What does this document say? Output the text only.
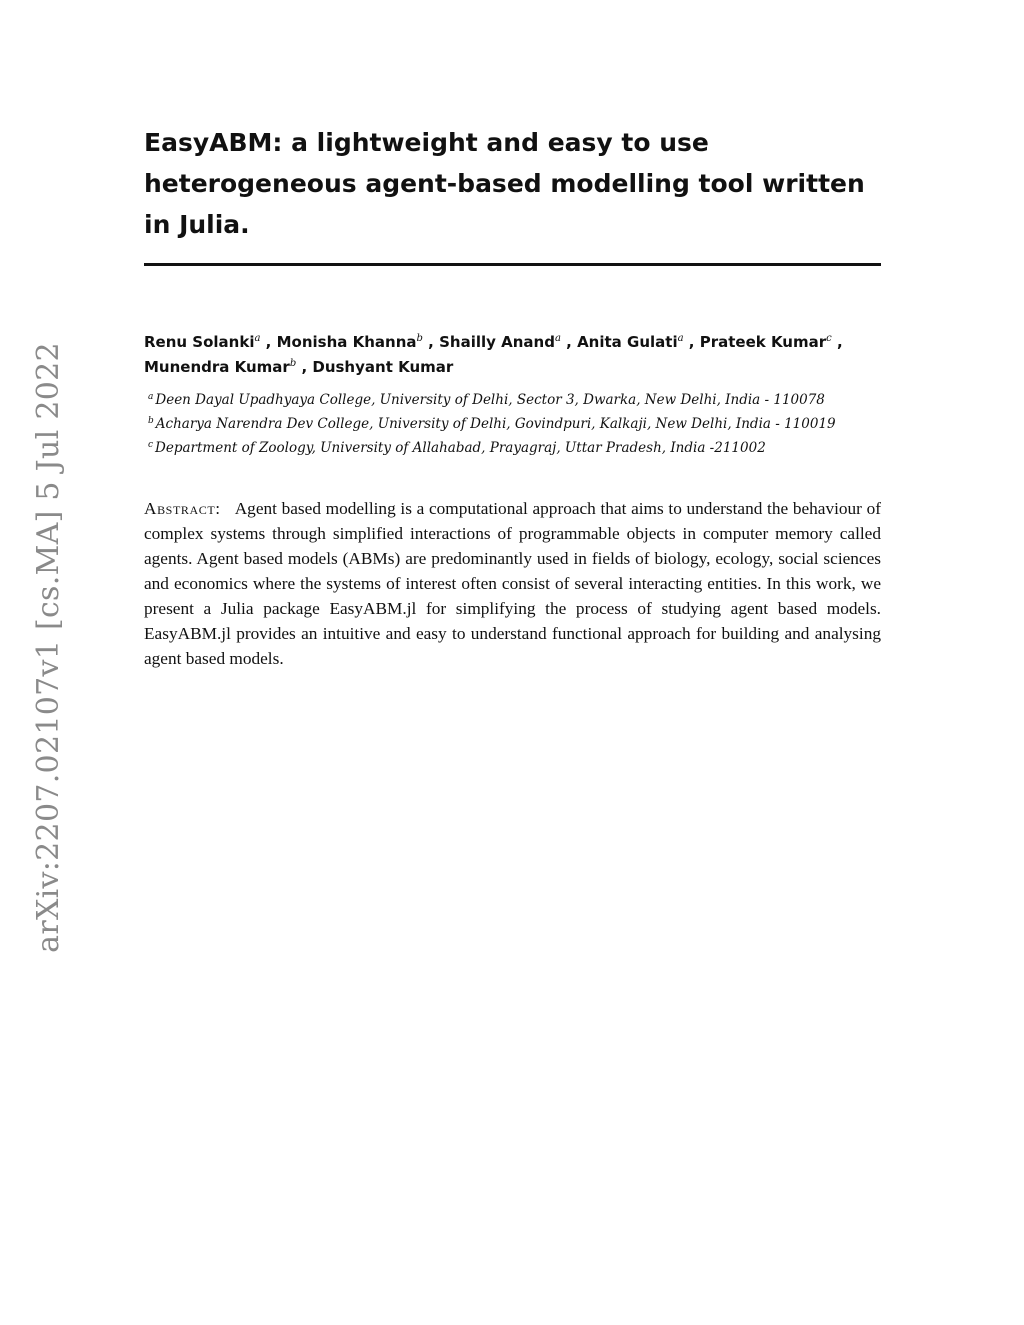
arXiv:2207.02107v1 [cs.MA] 5 Jul 2022
EasyABM: a lightweight and easy to use heterogeneous agent-based modelling tool written in Julia.
Renu Solanki$^a$ , Monisha Khanna$^b$ , Shailly Anand$^a$ , Anita Gulati$^a$ , Prateek Kumar$^c$ ,
Munendra Kumar$^b$ , Dushyant Kumar
$^a$ Deen Dayal Upadhyaya College, University of Delhi, Sector 3, Dwarka, New Delhi, India - 110078
$^b$ Acharya Narendra Dev College, University of Delhi, Govindpuri, Kalkaji, New Delhi, India - 110019
$^c$ Department of Zoology, University of Allahabad, Prayagraj, Uttar Pradesh, India -211002

Abstract: Agent based modelling is a computational approach that aims to understand the behaviour of complex systems through simplified interactions of programmable objects in computer memory called agents. Agent based models (ABMs) are predominantly used in fields of biology, ecology, social sciences and economics where the systems of interest often consist of several interacting entities. In this work, we present a Julia package EasyABM.jl for simplifying the process of studying agent based models. EasyABM.jl provides an intuitive and easy to understand functional approach for building and analysing agent based models.
